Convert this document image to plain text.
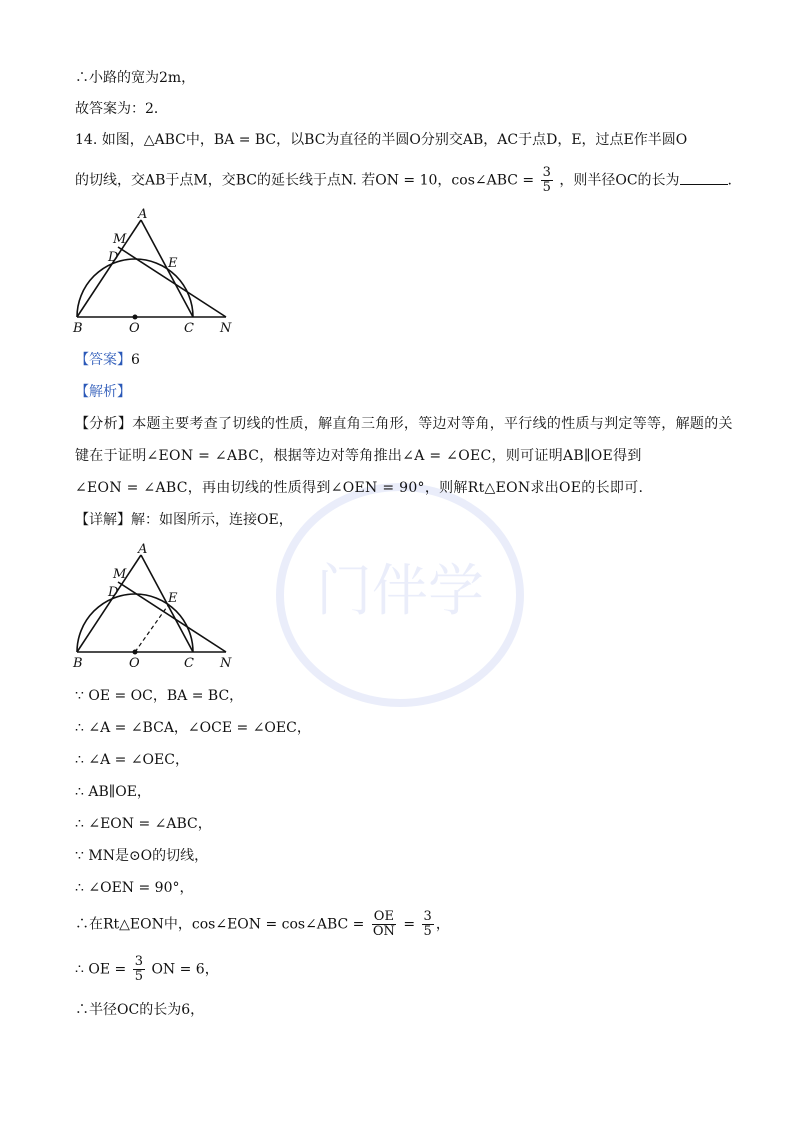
门伴学
∴小路的宽为2m，
故答案为：2．
14. 如图，△ABC中，BA = BC，以BC为直径的半圆O分别交AB，AC于点D，E，过点E作半圆O
的切线，交AB于点M，交BC的延长线于点N. 若ON = 10，cos∠ABC = $\frac{3}{5}$ ，则半径OC的长为	.
A
M
D	E
B	O	C N
【答案】6
【解析】
【分析】本题主要考查了切线的性质，解直角三角形，等边对等角，平行线的性质与判定等等，解题的关
键在于证明∠EON = ∠ABC，根据等边对等角推出∠A = ∠OEC，则可证明AB∥OE得到
∠EON = ∠ABC，再由切线的性质得到∠OEN = 90°，则解Rt△EON求出OE的长即可.
【详解】解：如图所示，连接OE，
A
M
D	E
B	O	C N
∵ OE = OC，BA = BC，
∴ ∠A = ∠BCA，∠OCE = ∠OEC，
∴ ∠A = ∠OEC，
∴ AB∥OE，
∴ ∠EON = ∠ABC，
∵ MN是⊙O的切线，
∴ ∠OEN = 90°，
∴在Rt△EON中，cos∠EON = cos∠ABC = $\frac{OE}{ON} = \frac{3}{5}$ ，
∴ OE = $\frac{3}{5}$ ON = 6，
∴半径OC的长为6，
